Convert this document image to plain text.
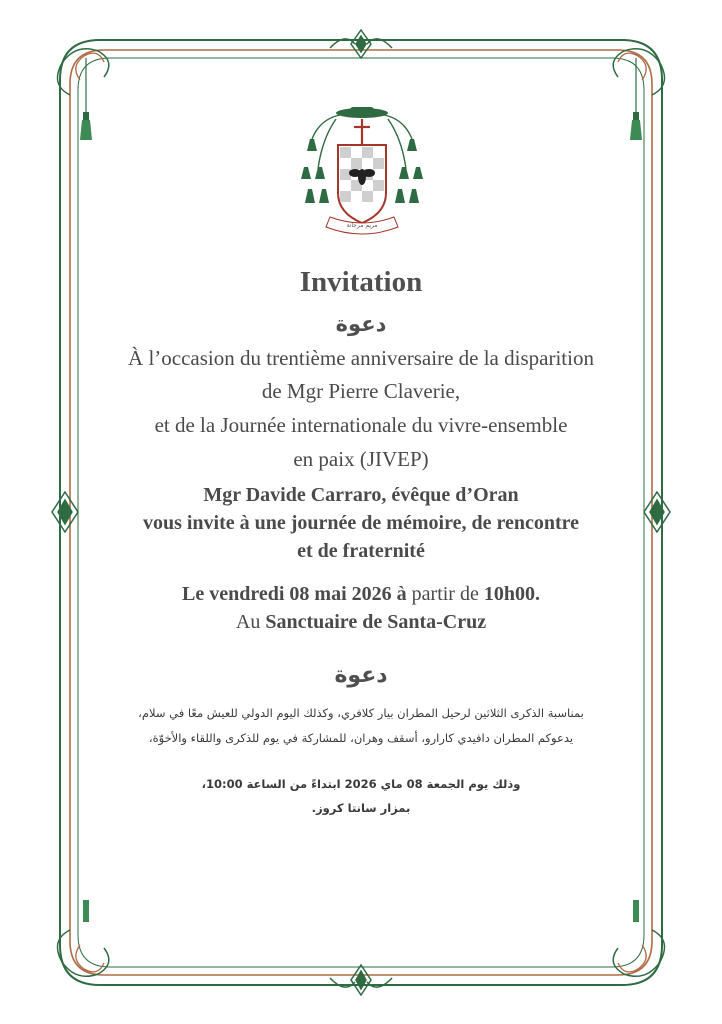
مريم مرجانة
Invitation
دعوة
À l’occasion du trentième anniversaire de la disparition
de Mgr Pierre Claverie,
et de la Journée internationale du vivre-ensemble
en paix (JIVEP)
Mgr Davide Carraro, évêque d’Oran
vous invite à une journée de mémoire, de rencontre
et de fraternité
Le vendredi 08 mai 2026 à partir de 10h00.
Au Sanctuaire de Santa-Cruz
دعوة
بمناسبة الذكرى الثلاثين لرحيل المطران بيار كلافري، وكذلك اليوم الدولي للعيش معًا في سلام،
يدعوكم المطران دافيدي كارارو، أسقف وهران، للمشاركة في يوم للذكرى واللقاء والأخوّة،
وذلك يوم الجمعة 08 ماي 2026 ابتداءً من الساعة 10:00،
بمزار سانتا كروز.
